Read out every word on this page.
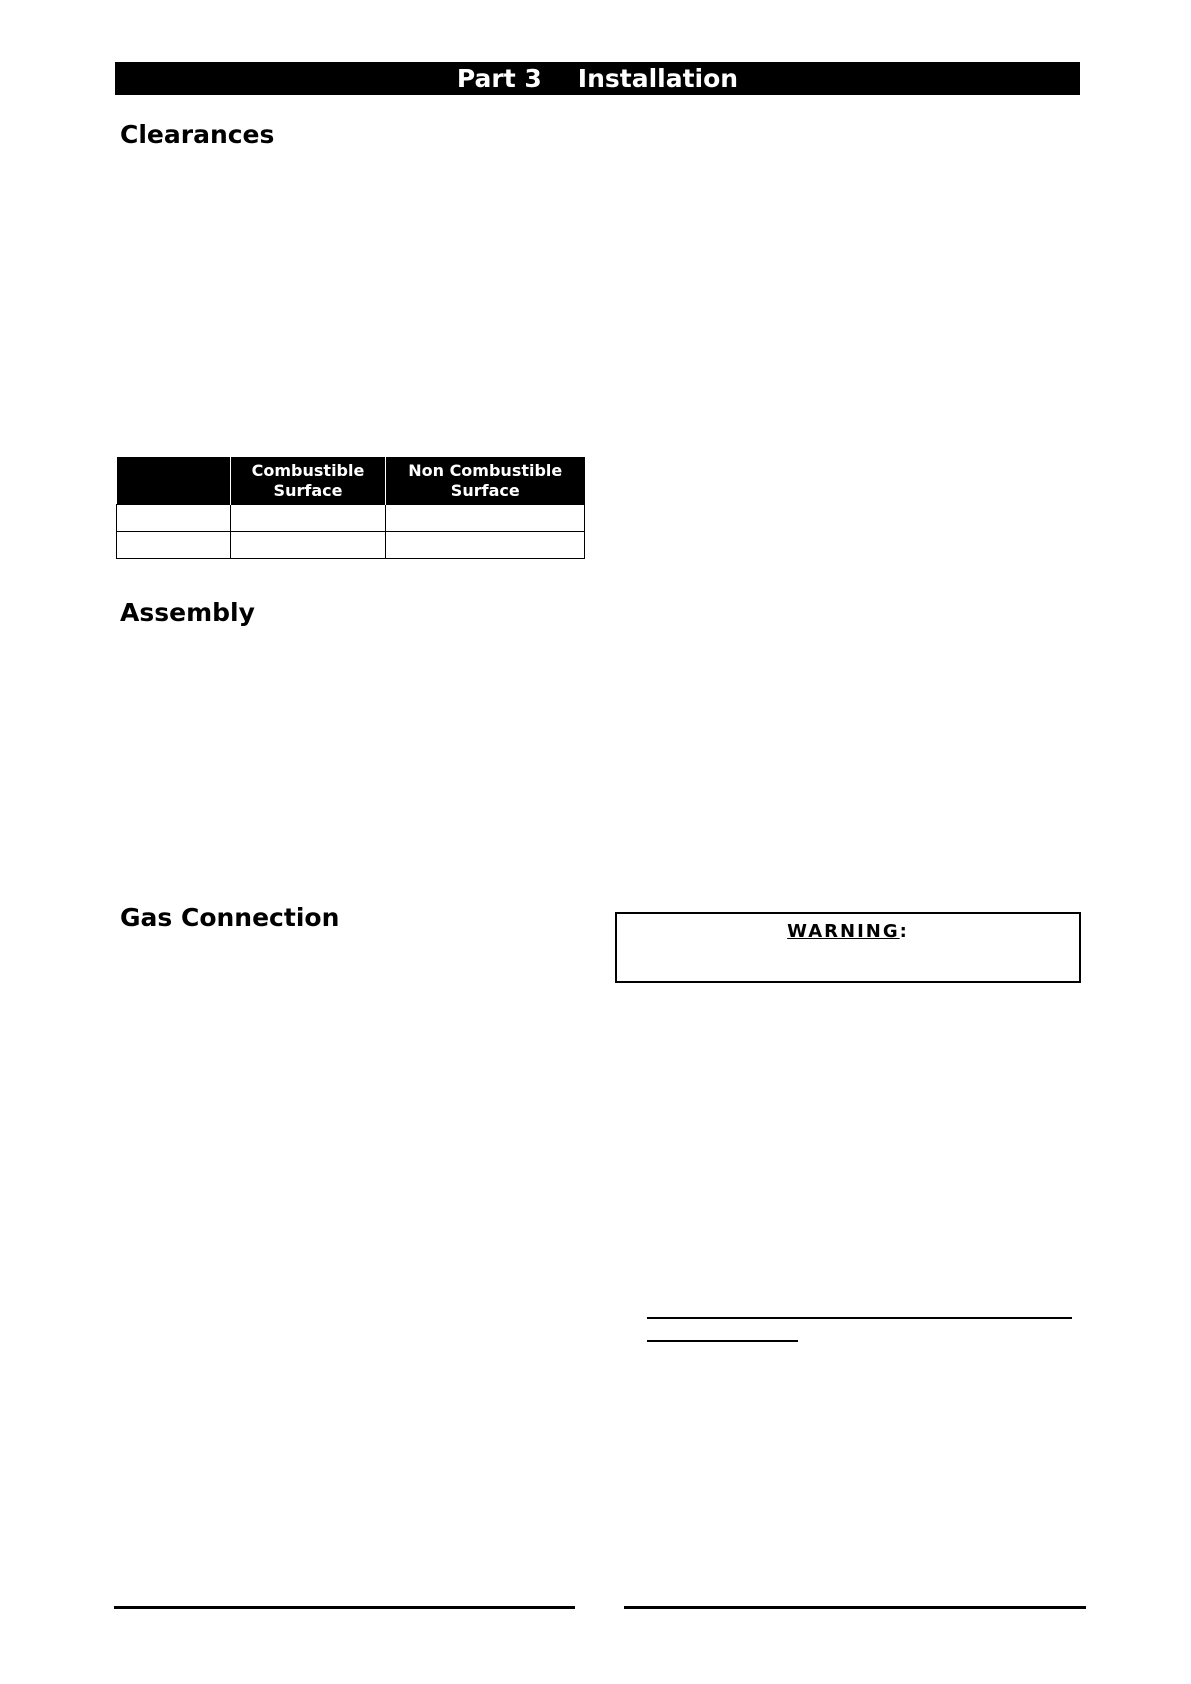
Part 3 Installation
Clearances
	Combustible Surface	Non Combustible Surface

Assembly
Gas Connection	WARNING:
